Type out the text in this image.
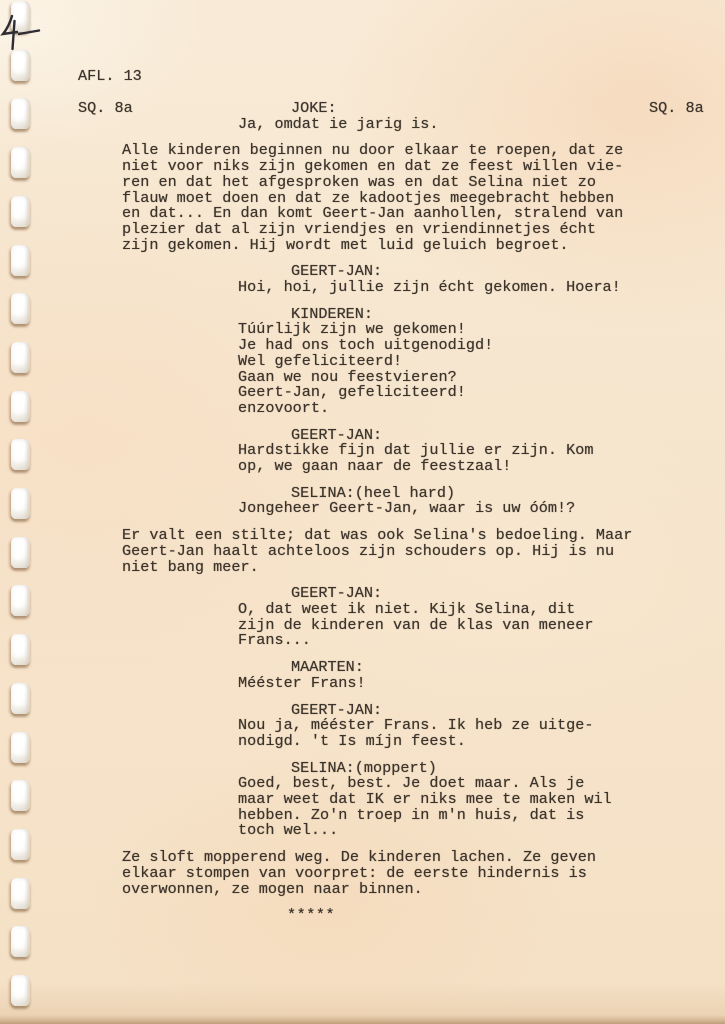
AFL. 13
SQ. 8a	SQ. 8a
JOKE:
Ja, omdat ie jarig is.
Alle kinderen beginnen nu door elkaar te roepen, dat ze
niet voor niks zijn gekomen en dat ze feest willen vie-
ren en dat het afgesproken was en dat Selina niet zo
flauw moet doen en dat ze kadootjes meegebracht hebben
en dat... En dan komt Geert-Jan aanhollen, stralend van
plezier dat al zijn vriendjes en vriendinnetjes écht
zijn gekomen. Hij wordt met luid geluich begroet.
GEERT-JAN:
Hoi, hoi, jullie zijn écht gekomen. Hoera!
KINDEREN:
Túúrlijk zijn we gekomen!
Je had ons toch uitgenodigd!
Wel gefeliciteerd!
Gaan we nou feestvieren?
Geert-Jan, gefeliciteerd!
enzovoort.
GEERT-JAN:
Hardstikke fijn dat jullie er zijn. Kom
op, we gaan naar de feestzaal!
SELINA:(heel hard)
Jongeheer Geert-Jan, waar is uw óóm!?
Er valt een stilte; dat was ook Selina's bedoeling. Maar
Geert-Jan haalt achteloos zijn schouders op. Hij is nu
niet bang meer.
GEERT-JAN:
O, dat weet ik niet. Kijk Selina, dit
zijn de kinderen van de klas van meneer
Frans...
MAARTEN:
Mééster Frans!
GEERT-JAN:
Nou ja, mééster Frans. Ik heb ze uitge-
nodigd. 't Is míjn feest.
SELINA:(moppert)
Goed, best, best. Je doet maar. Als je
maar weet dat IK er niks mee te maken wil
hebben. Zo'n troep in m'n huis, dat is
toch wel...
Ze sloft mopperend weg. De kinderen lachen. Ze geven
elkaar stompen van voorpret: de eerste hindernis is
overwonnen, ze mogen naar binnen.
*****
